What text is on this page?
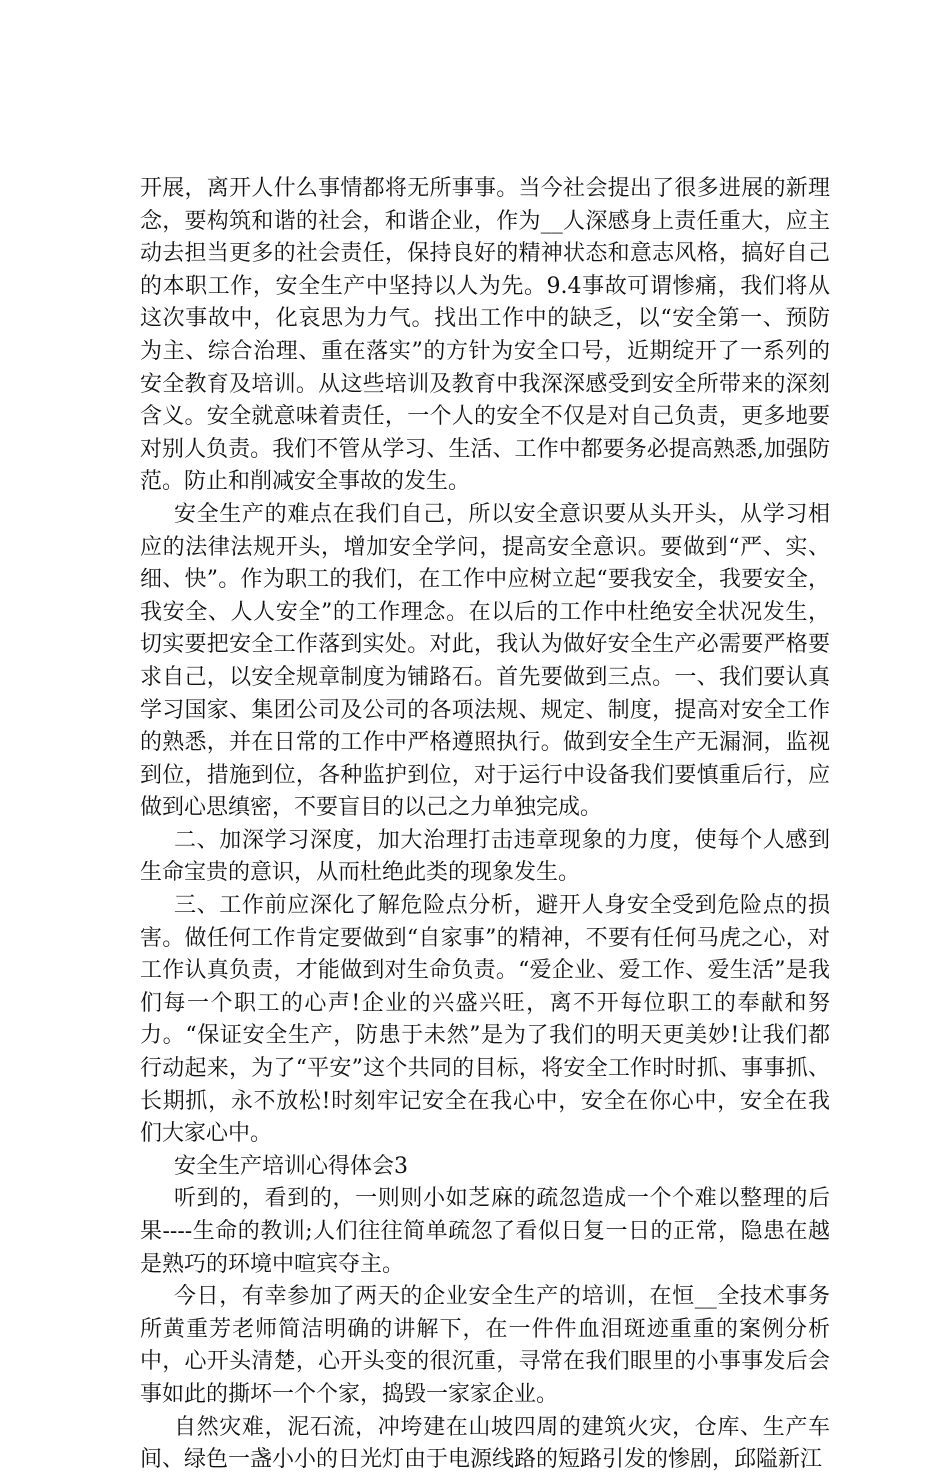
开展，离开人什么事情都将无所事事。当今社会提出了很多进展的新理念，要构筑和谐的社会，和谐企业，作为__人深感身上责任重大，应主动去担当更多的社会责任，保持良好的精神状态和意志风格，搞好自己的本职工作，安全生产中坚持以人为先。9.4事故可谓惨痛，我们将从这次事故中，化哀思为力气。找出工作中的缺乏，以“安全第一、预防为主、综合治理、重在落实”的方针为安全口号，近期绽开了一系列的安全教育及培训。从这些培训及教育中我深深感受到安全所带来的深刻含义。安全就意味着责任，一个人的安全不仅是对自己负责，更多地要对别人负责。我们不管从学习、生活、工作中都要务必提高熟悉,加强防范。防止和削减安全事故的发生。

安全生产的难点在我们自己，所以安全意识要从头开头，从学习相应的法律法规开头，增加安全学问，提高安全意识。要做到“严、实、细、快”。作为职工的我们，在工作中应树立起“要我安全，我要安全，我安全、人人安全”的工作理念。在以后的工作中杜绝安全状况发生，切实要把安全工作落到实处。对此，我认为做好安全生产必需要严格要求自己，以安全规章制度为铺路石。首先要做到三点。一、我们要认真学习国家、集团公司及公司的各项法规、规定、制度，提高对安全工作的熟悉，并在日常的工作中严格遵照执行。做到安全生产无漏洞，监视到位，措施到位，各种监护到位，对于运行中设备我们要慎重后行，应做到心思缜密，不要盲目的以己之力单独完成。

二、加深学习深度，加大治理打击违章现象的力度，使每个人感到生命宝贵的意识，从而杜绝此类的现象发生。

三、工作前应深化了解危险点分析，避开人身安全受到危险点的损害。做任何工作肯定要做到“自家事”的精神，不要有任何马虎之心，对工作认真负责，才能做到对生命负责。“爱企业、爱工作、爱生活”是我们每一个职工的心声!企业的兴盛兴旺，离不开每位职工的奉献和努力。“保证安全生产，防患于未然”是为了我们的明天更美妙!让我们都行动起来，为了“平安”这个共同的目标，将安全工作时时抓、事事抓、长期抓，永不放松!时刻牢记安全在我心中，安全在你心中，安全在我们大家心中。

安全生产培训心得体会3

听到的，看到的，一则则小如芝麻的疏忽造成一个个难以整理的后果----生命的教训;人们往往简单疏忽了看似日复一日的正常，隐患在越是熟巧的环境中喧宾夺主。

今日，有幸参加了两天的企业安全生产的培训，在恒__全技术事务所黄重芳老师简洁明确的讲解下，在一件件血泪斑迹重重的案例分析中，心开头清楚，心开头变的很沉重，寻常在我们眼里的小事事发后会事如此的撕坏一个个家，捣毁一家家企业。

自然灾难，泥石流，冲垮建在山坡四周的建筑火灾，仓库、生产车间、绿色一盏小小的日光灯由于电源线路的短路引发的惨剧，邱隘新江
